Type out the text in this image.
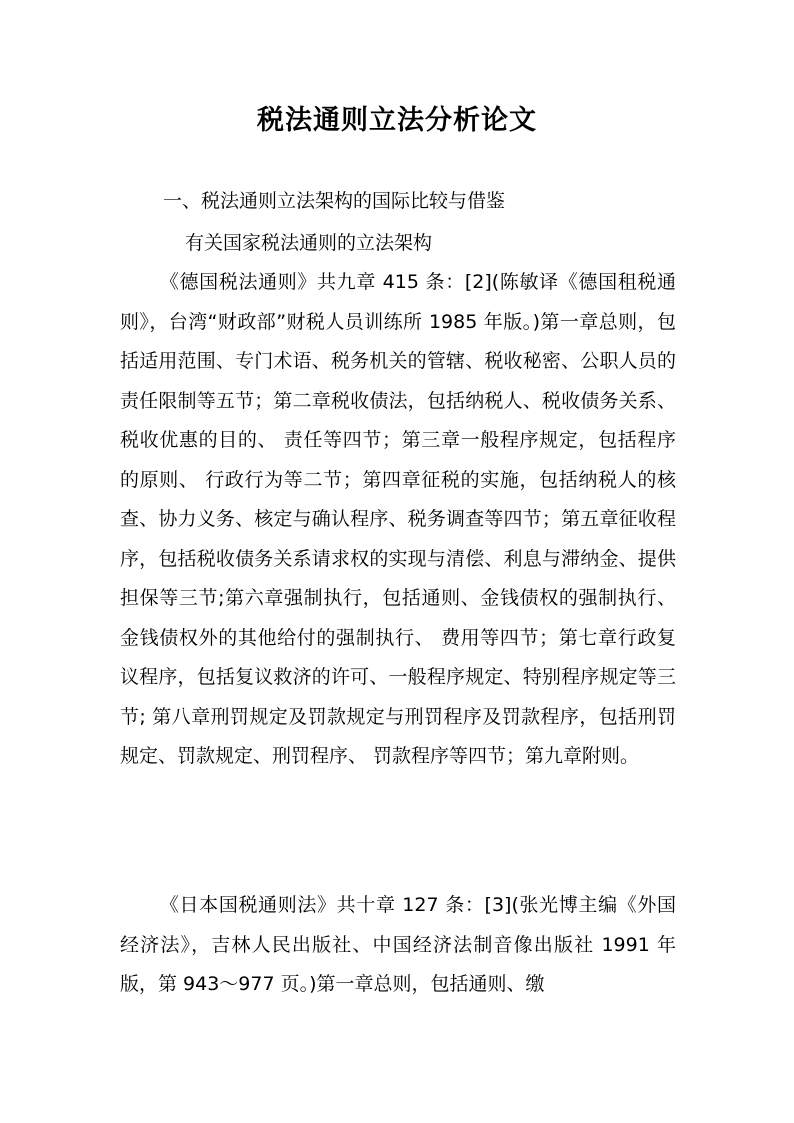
税法通则立法分析论文
一、税法通则立法架构的国际比较与借鉴
有关国家税法通则的立法架构

《德国税法通则》共九章 415 条：[2](陈敏译《德国租税通则》，台湾“财政部”财税人员训练所 1985 年版。)第一章总则，包括适用范围、专门术语、税务机关的管辖、税收秘密、公职人员的责任限制等五节；第二章税收债法，包括纳税人、税收债务关系、税收优惠的目的、 责任等四节；第三章一般程序规定，包括程序的原则、 行政行为等二节；第四章征税的实施，包括纳税人的核查、协力义务、核定与确认程序、税务调查等四节；第五章征收程序，包括税收债务关系请求权的实现与清偿、利息与滞纳金、提供担保等三节;第六章强制执行，包括通则、金钱债权的强制执行、金钱债权外的其他给付的强制执行、 费用等四节；第七章行政复议程序，包括复议救济的许可、一般程序规定、特别程序规定等三节; 第八章刑罚规定及罚款规定与刑罚程序及罚款程序，包括刑罚规定、罚款规定、刑罚程序、 罚款程序等四节；第九章附则。

《日本国税通则法》共十章 127 条：[3](张光博主编《外国经济法》，吉林人民出版社、中国经济法制音像出版社 1991 年版，第 943～977 页。)第一章总则，包括通则、缴
